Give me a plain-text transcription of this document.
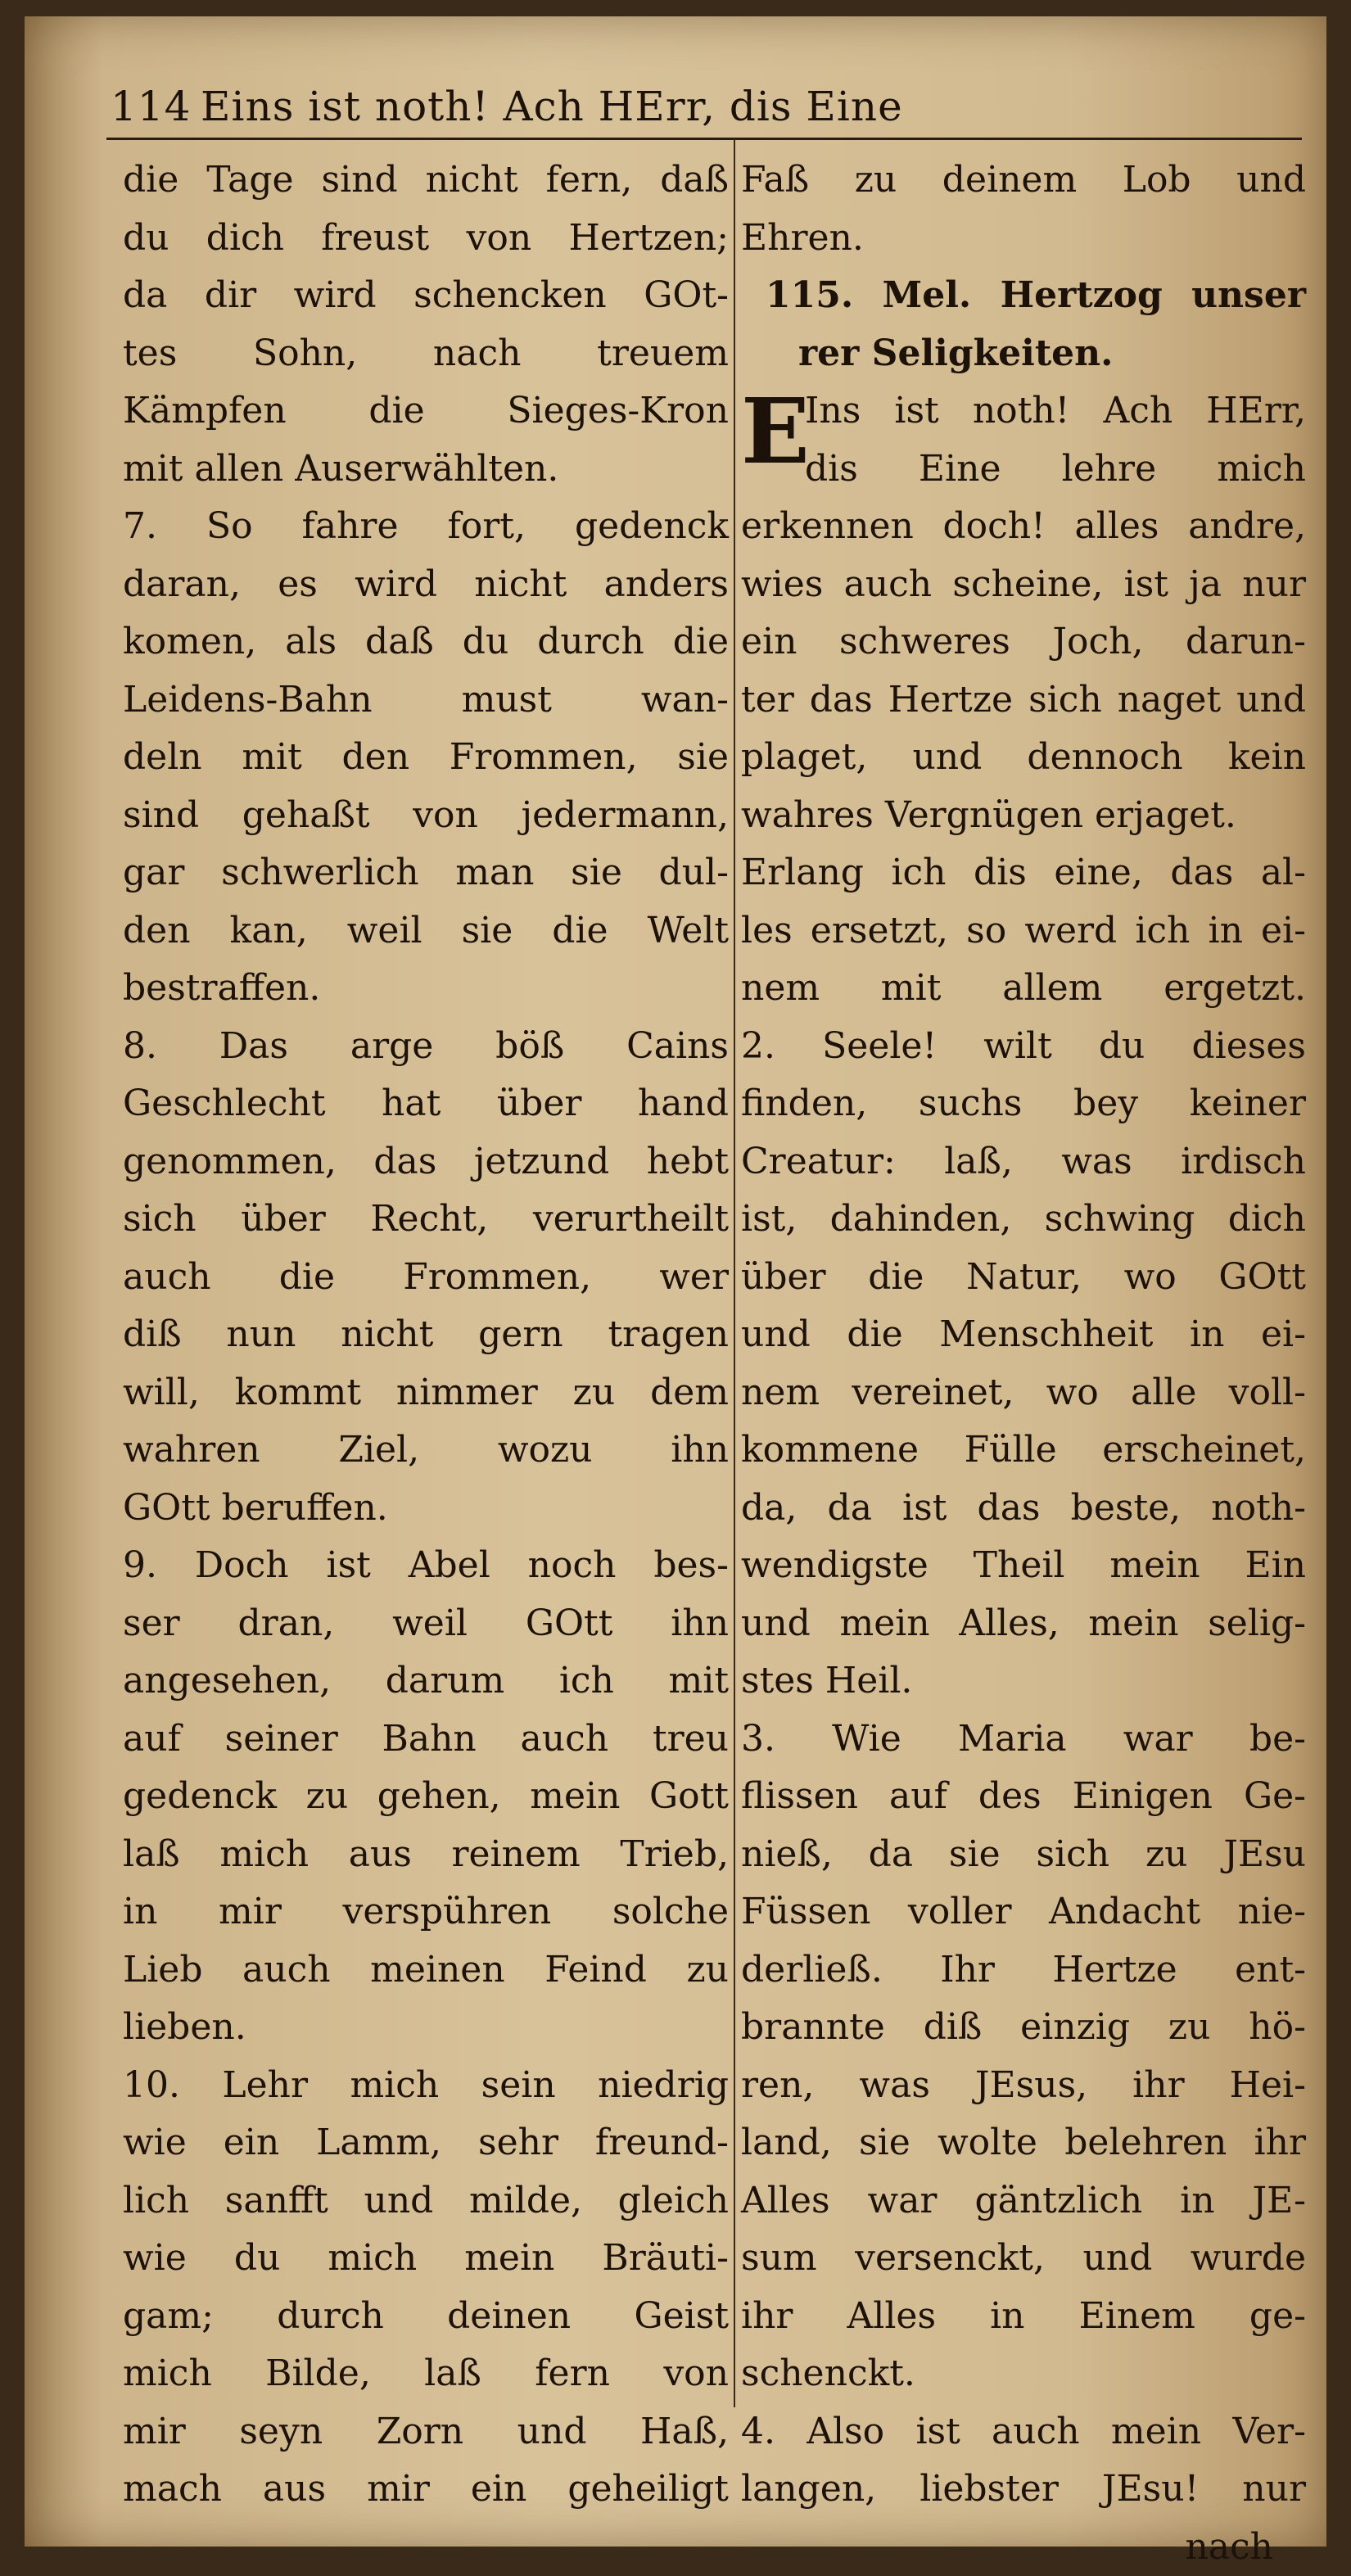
114 Eins ist noth! Ach HErr, dis Eine
die Tage sind nicht fern, daß
du dich freust von Hertzen;
da dir wird schencken GOt-
tes Sohn, nach treuem
Kämpfen die Sieges-Kron
mit allen Auserwählten.
7. So fahre fort, gedenck
daran, es wird nicht anders
komen, als daß du durch die
Leidens-Bahn must wan-
deln mit den Frommen, sie
sind gehaßt von jedermann,
gar schwerlich man sie dul-
den kan, weil sie die Welt
bestraffen.
8. Das arge böß Cains
Geschlecht hat über hand
genommen, das jetzund hebt
sich über Recht, verurtheilt
auch die Frommen, wer
diß nun nicht gern tragen
will, kommt nimmer zu dem
wahren Ziel, wozu ihn
GOtt beruffen.
9. Doch ist Abel noch bes-
ser dran, weil GOtt ihn
angesehen, darum ich mit
auf seiner Bahn auch treu
gedenck zu gehen, mein Gott
laß mich aus reinem Trieb,
in mir verspühren solche
Lieb auch meinen Feind zu
lieben.
10. Lehr mich sein niedrig
wie ein Lamm, sehr freund-
lich sanfft und milde, gleich
wie du mich mein Bräuti-
gam; durch deinen Geist
mich Bilde, laß fern von
mir seyn Zorn und Haß,
mach aus mir ein geheiligt
Faß zu deinem Lob und
Ehren.
115. Mel. Hertzog unser
rer Seligkeiten.
E
Ins ist noth! Ach HErr,
dis Eine lehre mich
erkennen doch! alles andre,
wies auch scheine, ist ja nur
ein schweres Joch, darun-
ter das Hertze sich naget und
plaget, und dennoch kein
wahres Vergnügen erjaget.
Erlang ich dis eine, das al-
les ersetzt, so werd ich in ei-
nem mit allem ergetzt.
2. Seele! wilt du dieses
finden, suchs bey keiner
Creatur: laß, was irdisch
ist, dahinden, schwing dich
über die Natur, wo GOtt
und die Menschheit in ei-
nem vereinet, wo alle voll-
kommene Fülle erscheinet,
da, da ist das beste, noth-
wendigste Theil mein Ein
und mein Alles, mein selig-
stes Heil.
3. Wie Maria war be-
flissen auf des Einigen Ge-
nieß, da sie sich zu JEsu
Füssen voller Andacht nie-
derließ. Ihr Hertze ent-
brannte diß einzig zu hö-
ren, was JEsus, ihr Hei-
land, sie wolte belehren ihr
Alles war gäntzlich in JE-
sum versenckt, und wurde
ihr Alles in Einem ge-
schenckt.
4. Also ist auch mein Ver-
langen, liebster JEsu! nur
nach
